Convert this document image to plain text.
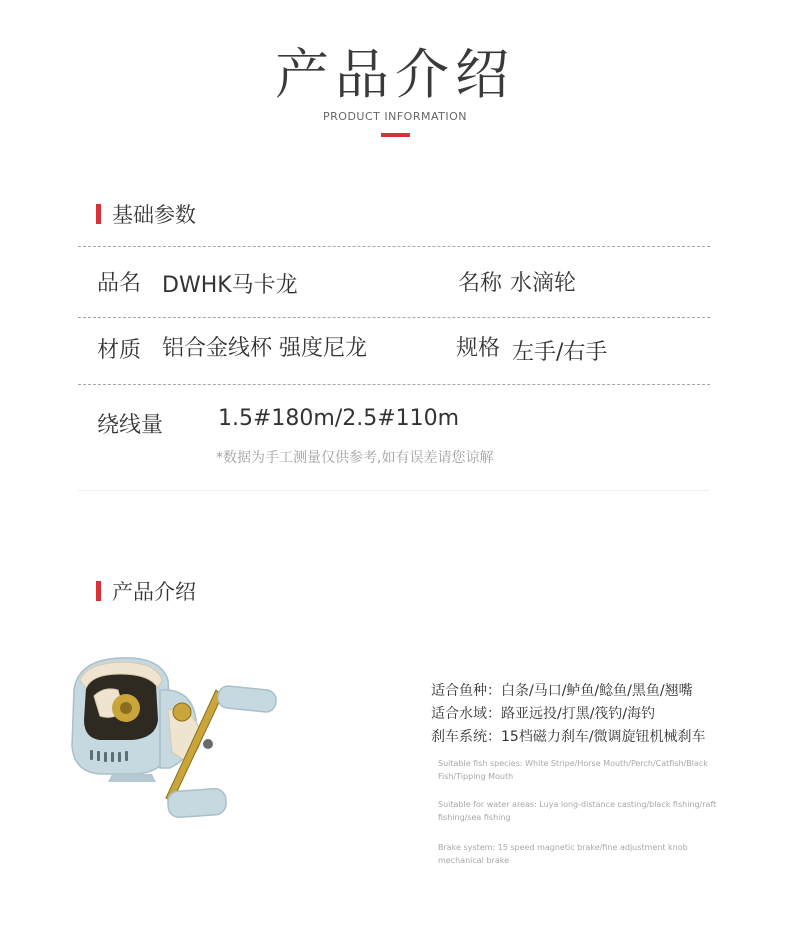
产品介绍
PRODUCT INFORMATION
基础参数
品名 DWHK马卡龙	名称 水滴轮
材质 铝合金线杯 强度尼龙	规格 左手/右手
绕线量 1.5#180m/2.5#110m
*数据为手工测量仅供参考,如有误差请您谅解
产品介绍
适合鱼种：白条/马口/鲈鱼/鲶鱼/黑鱼/翘嘴
适合水域：路亚远投/打黑/筏钓/海钓
刹车系统：15档磁力刹车/微调旋钮机械刹车
Suitable fish species: White Stripe/Horse Mouth/Perch/Catfish/Black Fish/Tipping Mouth
Suitable for water areas: Luya long-distance casting/black fishing/raft fishing/sea fishing
Brake system: 15 speed magnetic brake/fine adjustment knob mechanical brake
